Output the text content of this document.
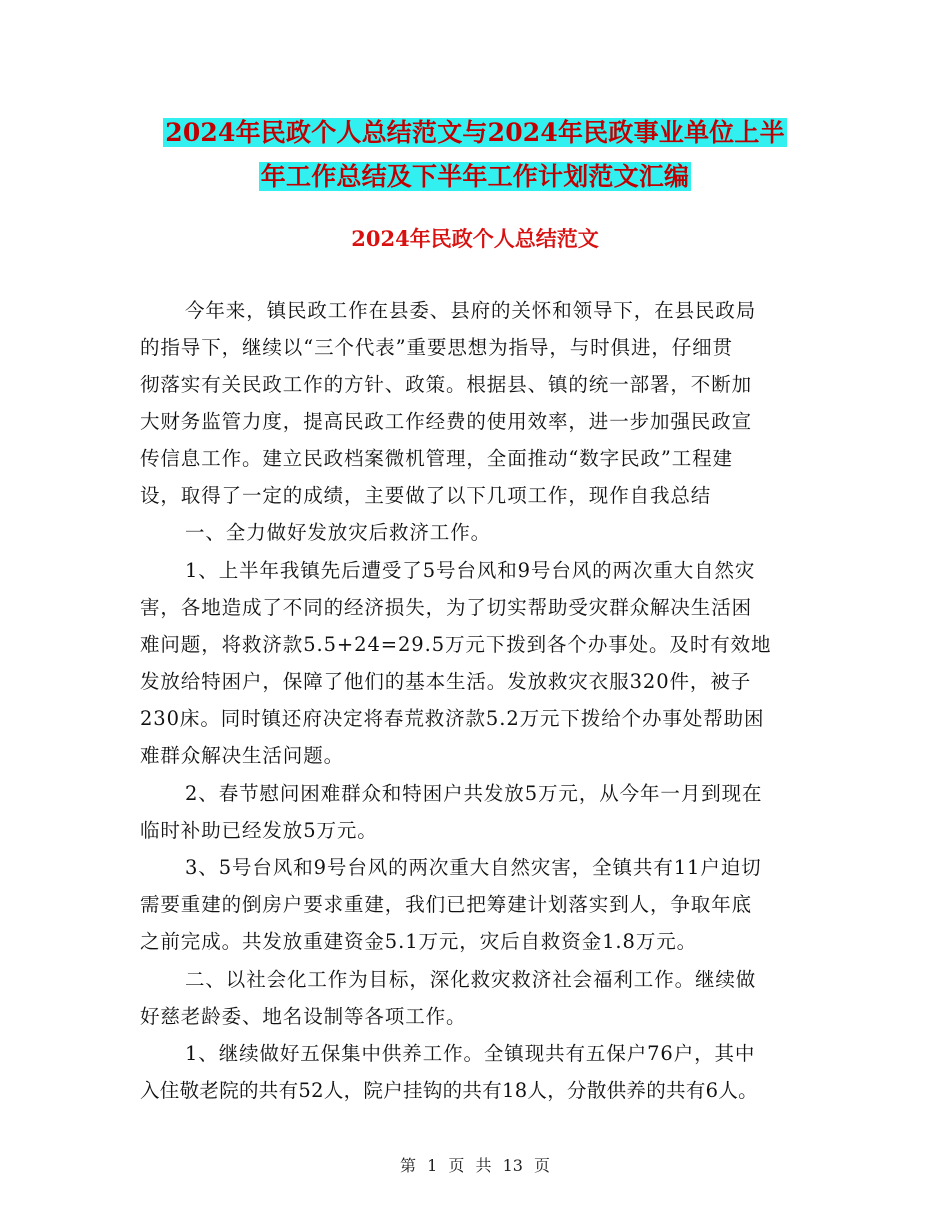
2024年民政个人总结范文与2024年民政事业单位上半
年工作总结及下半年工作计划范文汇编
2024年民政个人总结范文
今年来，镇民政工作在县委、县府的关怀和领导下，在县民政局
的指导下，继续以“三个代表”重要思想为指导，与时俱进，仔细贯
彻落实有关民政工作的方针、政策。根据县、镇的统一部署，不断加
大财务监管力度，提高民政工作经费的使用效率，进一步加强民政宣
传信息工作。建立民政档案微机管理，全面推动“数字民政”工程建
设，取得了一定的成绩，主要做了以下几项工作，现作自我总结
一、全力做好发放灾后救济工作。
1、上半年我镇先后遭受了5号台风和9号台风的两次重大自然灾
害，各地造成了不同的经济损失，为了切实帮助受灾群众解决生活困
难问题，将救济款5.5+24=29.5万元下拨到各个办事处。及时有效地
发放给特困户，保障了他们的基本生活。发放救灾衣服320件，被子
230床。同时镇还府决定将春荒救济款5.2万元下拨给个办事处帮助困
难群众解决生活问题。
2、春节慰问困难群众和特困户共发放5万元，从今年一月到现在
临时补助已经发放5万元。
3、5号台风和9号台风的两次重大自然灾害，全镇共有11户迫切
需要重建的倒房户要求重建，我们已把筹建计划落实到人，争取年底
之前完成。共发放重建资金5.1万元，灾后自救资金1.8万元。
二、以社会化工作为目标，深化救灾救济社会福利工作。继续做
好慈老龄委、地名设制等各项工作。
1、继续做好五保集中供养工作。全镇现共有五保户76户，其中
入住敬老院的共有52人，院户挂钩的共有18人，分散供养的共有6人。
第 1 页 共 13 页
